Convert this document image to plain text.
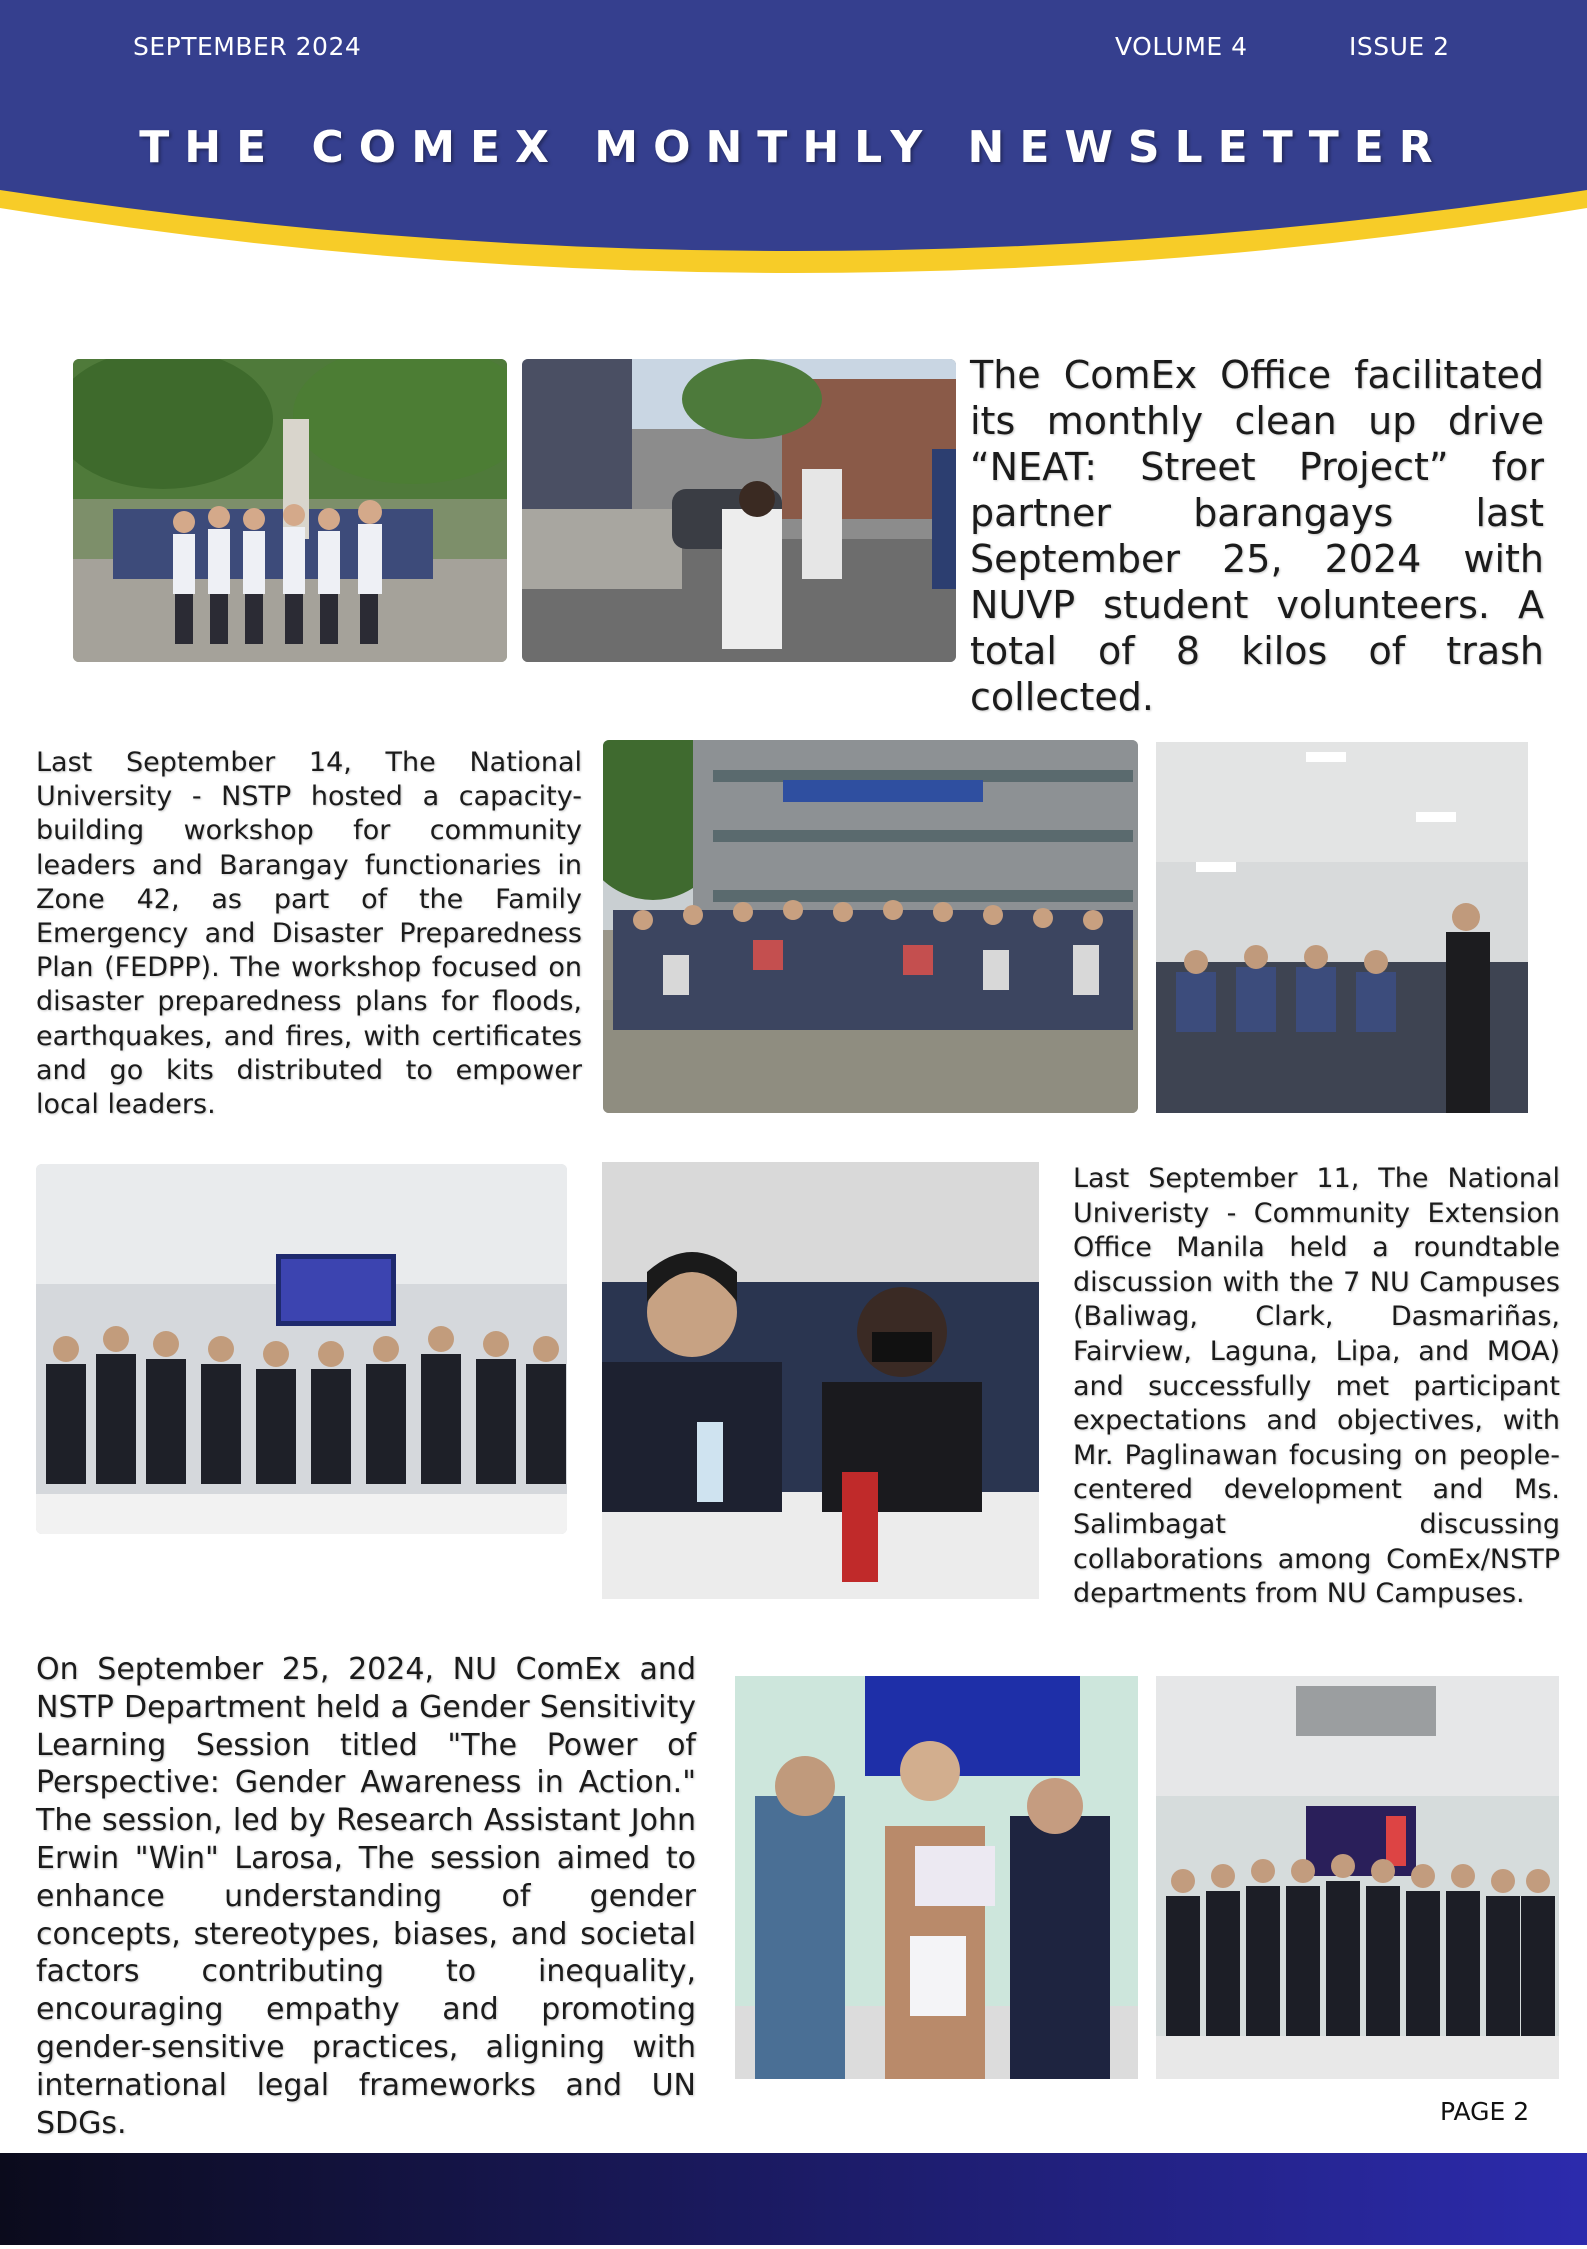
SEPTEMBER 2024	VOLUME 4	ISSUE 2
THE COMEX MONTHLY NEWSLETTER
The ComEx Office facilitated its monthly clean up drive “NEAT: Street Project” for partner barangays last September 25, 2024 with NUVP student volunteers. A total of 8 kilos of trash collected.
Last September 14, The National University - NSTP hosted a capacity-building workshop for community leaders and Barangay functionaries in Zone 42, as part of the Family Emergency and Disaster Preparedness Plan (FEDPP). The workshop focused on disaster preparedness plans for floods, earthquakes, and fires, with certificates and go kits distributed to empower local leaders.
Last September 11, The National Univeristy - Community Extension Office Manila held a roundtable discussion with the 7 NU Campuses (Baliwag, Clark, Dasmariñas, Fairview, Laguna, Lipa, and MOA) and successfully met participant expectations and objectives, with Mr. Paglinawan focusing on people-centered development and Ms. Salimbagat discussing collaborations among ComEx/NSTP departments from NU Campuses.
On September 25, 2024, NU ComEx and NSTP Department held a Gender Sensitivity Learning Session titled "The Power of Perspective: Gender Awareness in Action." The session, led by Research Assistant John Erwin "Win" Larosa, The session aimed to enhance understanding of gender concepts, stereotypes, biases, and societal factors contributing to inequality, encouraging empathy and promoting gender-sensitive practices, aligning with international legal frameworks and UN SDGs.	PAGE 2
